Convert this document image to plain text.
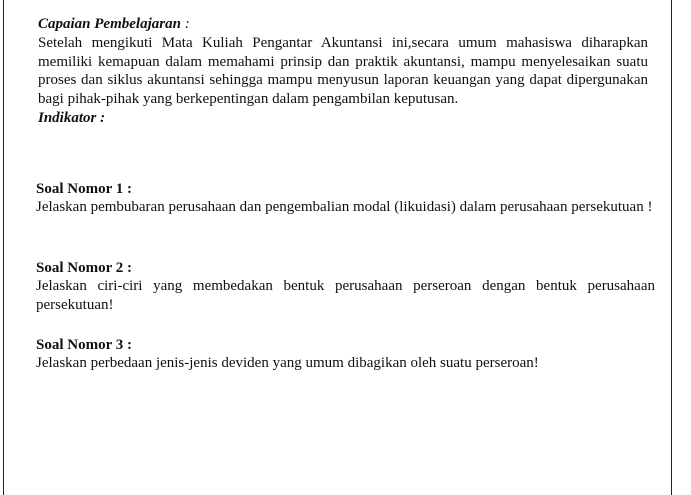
Capaian Pembelajaran :
Setelah mengikuti Mata Kuliah Pengantar Akuntansi ini,secara umum mahasiswa diharapkan memiliki kemapuan dalam memahami prinsip dan praktik akuntansi, mampu menyelesaikan suatu proses dan siklus akuntansi sehingga mampu menyusun laporan keuangan yang dapat dipergunakan bagi pihak-pihak yang berkepentingan dalam pengambilan keputusan.
Indikator :
Soal Nomor 1 :
Jelaskan pembubaran perusahaan dan pengembalian modal (likuidasi) dalam perusahaan persekutuan !
Soal Nomor 2 :
Jelaskan ciri-ciri yang membedakan bentuk perusahaan perseroan dengan bentuk perusahaan persekutuan!
Soal Nomor 3 :
Jelaskan perbedaan jenis-jenis deviden yang umum dibagikan oleh suatu perseroan!
